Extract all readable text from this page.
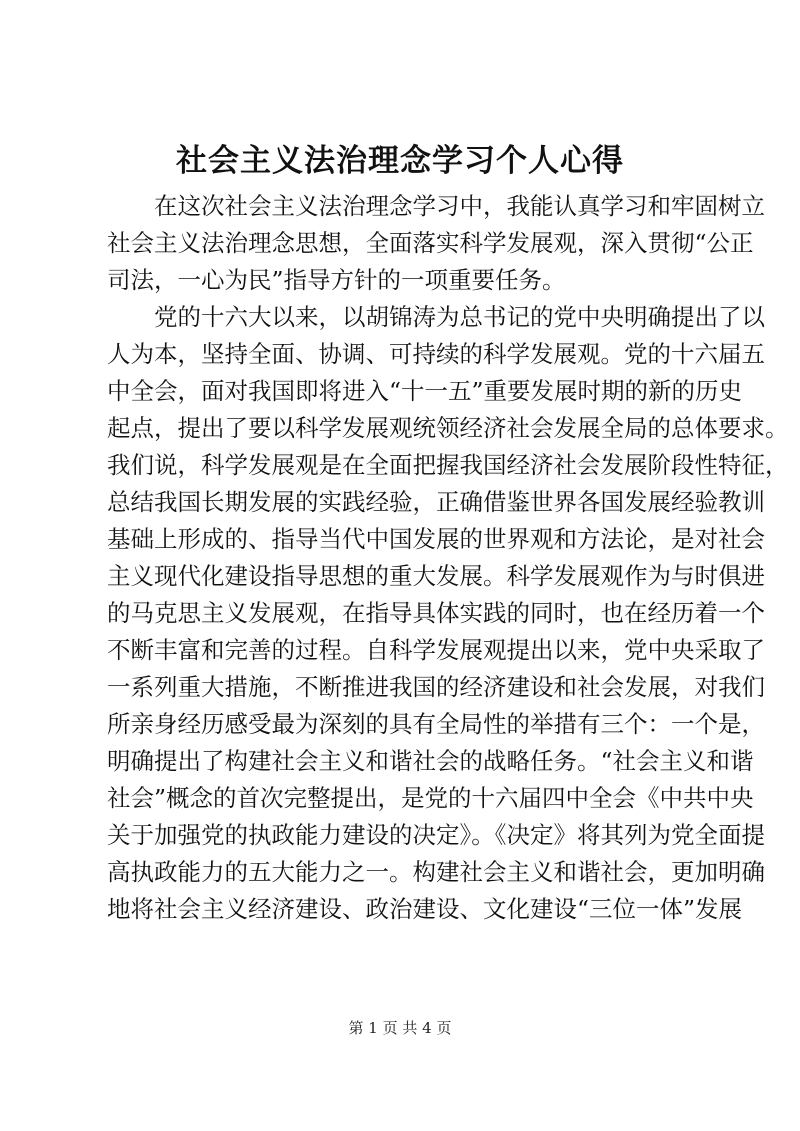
社会主义法治理念学习个人心得
在这次社会主义法治理念学习中，我能认真学习和牢固树立
社会主义法治理念思想，全面落实科学发展观，深入贯彻“公正
司法，一心为民”指导方针的一项重要任务。
党的十六大以来，以胡锦涛为总书记的党中央明确提出了以
人为本，坚持全面、协调、可持续的科学发展观。党的十六届五
中全会，面对我国即将进入“十一五”重要发展时期的新的历史
起点，提出了要以科学发展观统领经济社会发展全局的总体要求。
我们说，科学发展观是在全面把握我国经济社会发展阶段性特征，
总结我国长期发展的实践经验，正确借鉴世界各国发展经验教训
基础上形成的、指导当代中国发展的世界观和方法论，是对社会
主义现代化建设指导思想的重大发展。科学发展观作为与时俱进
的马克思主义发展观，在指导具体实践的同时，也在经历着一个
不断丰富和完善的过程。自科学发展观提出以来，党中央采取了
一系列重大措施，不断推进我国的经济建设和社会发展，对我们
所亲身经历感受最为深刻的具有全局性的举措有三个：一个是，
明确提出了构建社会主义和谐社会的战略任务。“社会主义和谐
社会”概念的首次完整提出，是党的十六届四中全会《中共中央
关于加强党的执政能力建设的决定》。《决定》将其列为党全面提
高执政能力的五大能力之一。构建社会主义和谐社会，更加明确
地将社会主义经济建设、政治建设、文化建设“三位一体”发展
第 1 页 共 4 页
